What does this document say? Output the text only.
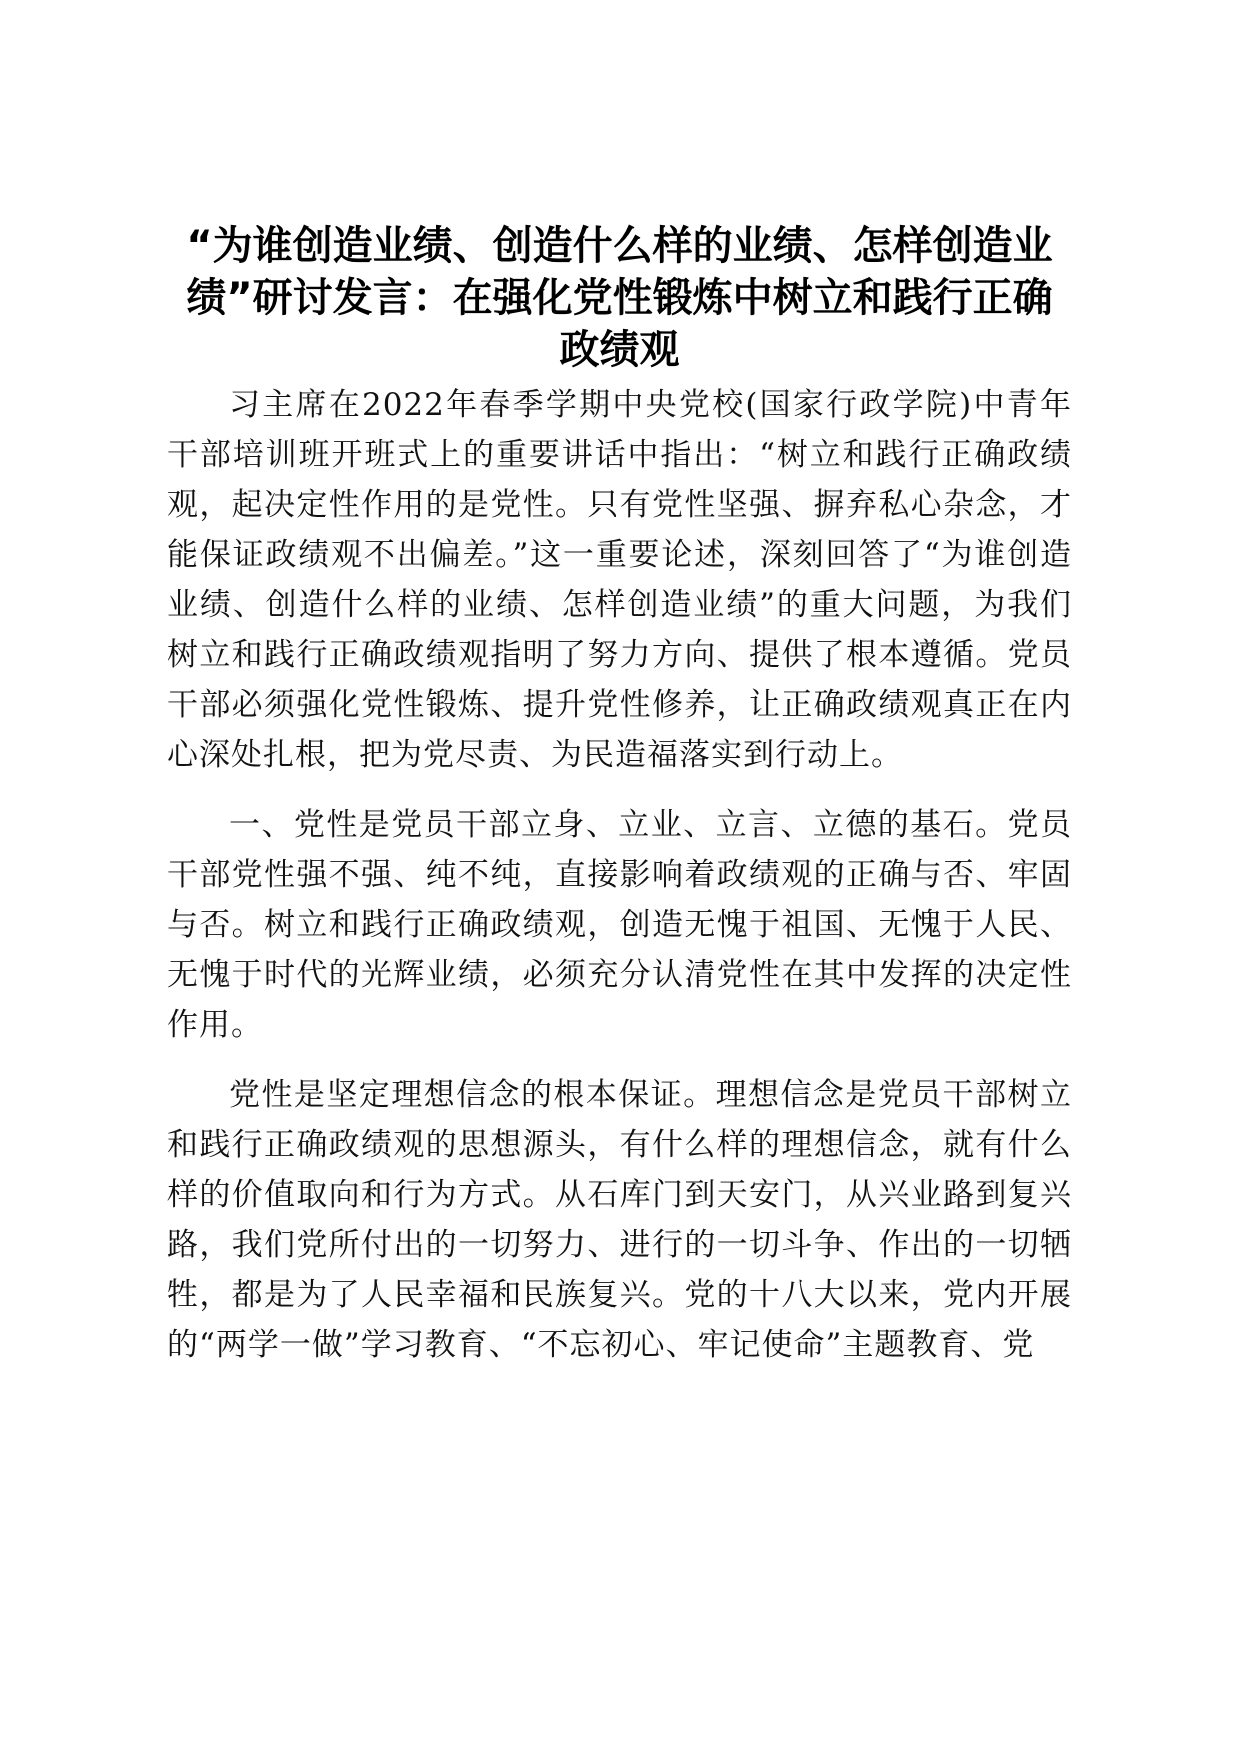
“为谁创造业绩、创造什么样的业绩、怎样创造业绩”研讨发言：在强化党性锻炼中树立和践行正确政绩观

习主席在2022年春季学期中央党校(国家行政学院)中青年干部培训班开班式上的重要讲话中指出：“树立和践行正确政绩观，起决定性作用的是党性。只有党性坚强、摒弃私心杂念，才能保证政绩观不出偏差。”这一重要论述，深刻回答了“为谁创造业绩、创造什么样的业绩、怎样创造业绩”的重大问题，为我们树立和践行正确政绩观指明了努力方向、提供了根本遵循。党员干部必须强化党性锻炼、提升党性修养，让正确政绩观真正在内心深处扎根，把为党尽责、为民造福落实到行动上。

一、党性是党员干部立身、立业、立言、立德的基石。党员干部党性强不强、纯不纯，直接影响着政绩观的正确与否、牢固与否。树立和践行正确政绩观，创造无愧于祖国、无愧于人民、无愧于时代的光辉业绩，必须充分认清党性在其中发挥的决定性作用。

党性是坚定理想信念的根本保证。理想信念是党员干部树立和践行正确政绩观的思想源头，有什么样的理想信念，就有什么样的价值取向和行为方式。从石库门到天安门，从兴业路到复兴路，我们党所付出的一切努力、进行的一切斗争、作出的一切牺牲，都是为了人民幸福和民族复兴。党的十八大以来，党内开展的“两学一做”学习教育、“不忘初心、牢记使命”主题教育、党
